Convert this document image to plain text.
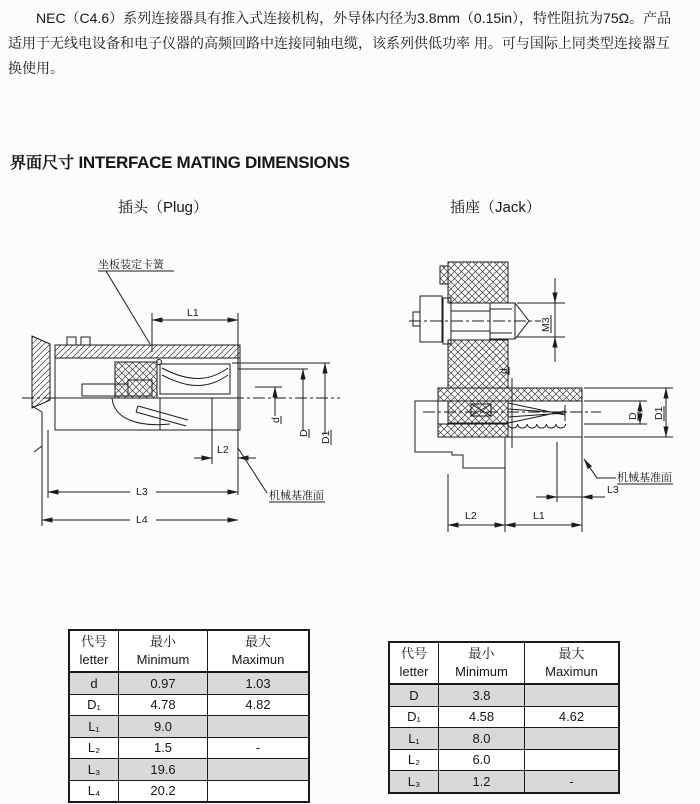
NEC（C4.6）系列连接器具有推入式连接机构，外导体内径为3.8mm（0.15in），特性阻抗为75Ω。产品
适用于无线电设备和电子仪器的高频回路中连接同轴电缆，该系列供低功率 用。可与国际上同类型连接器互
换使用。
界面尺寸 INTERFACE MATING DIMENSIONS
插头（Plug）	插座（Jack）
坐板装定卡簧
L1
d
D D1
L2
L3
L4
机械基准面
M3
d
D D1
L3
L2	L1
机械基准面
代号
letter

最小
Minimum

最大
Maximun

d	0.97	1.03
D₁	4.78	4.82
L₁	9.0	
L₂	1.5	-
L₃	19.6	
L₄	20.2	
代号
letter

最小
Minimum

最大
Maximun

D	3.8	
D₁	4.58	4.62
L₁	8.0	
L₂	6.0	
L₃	1.2	-
